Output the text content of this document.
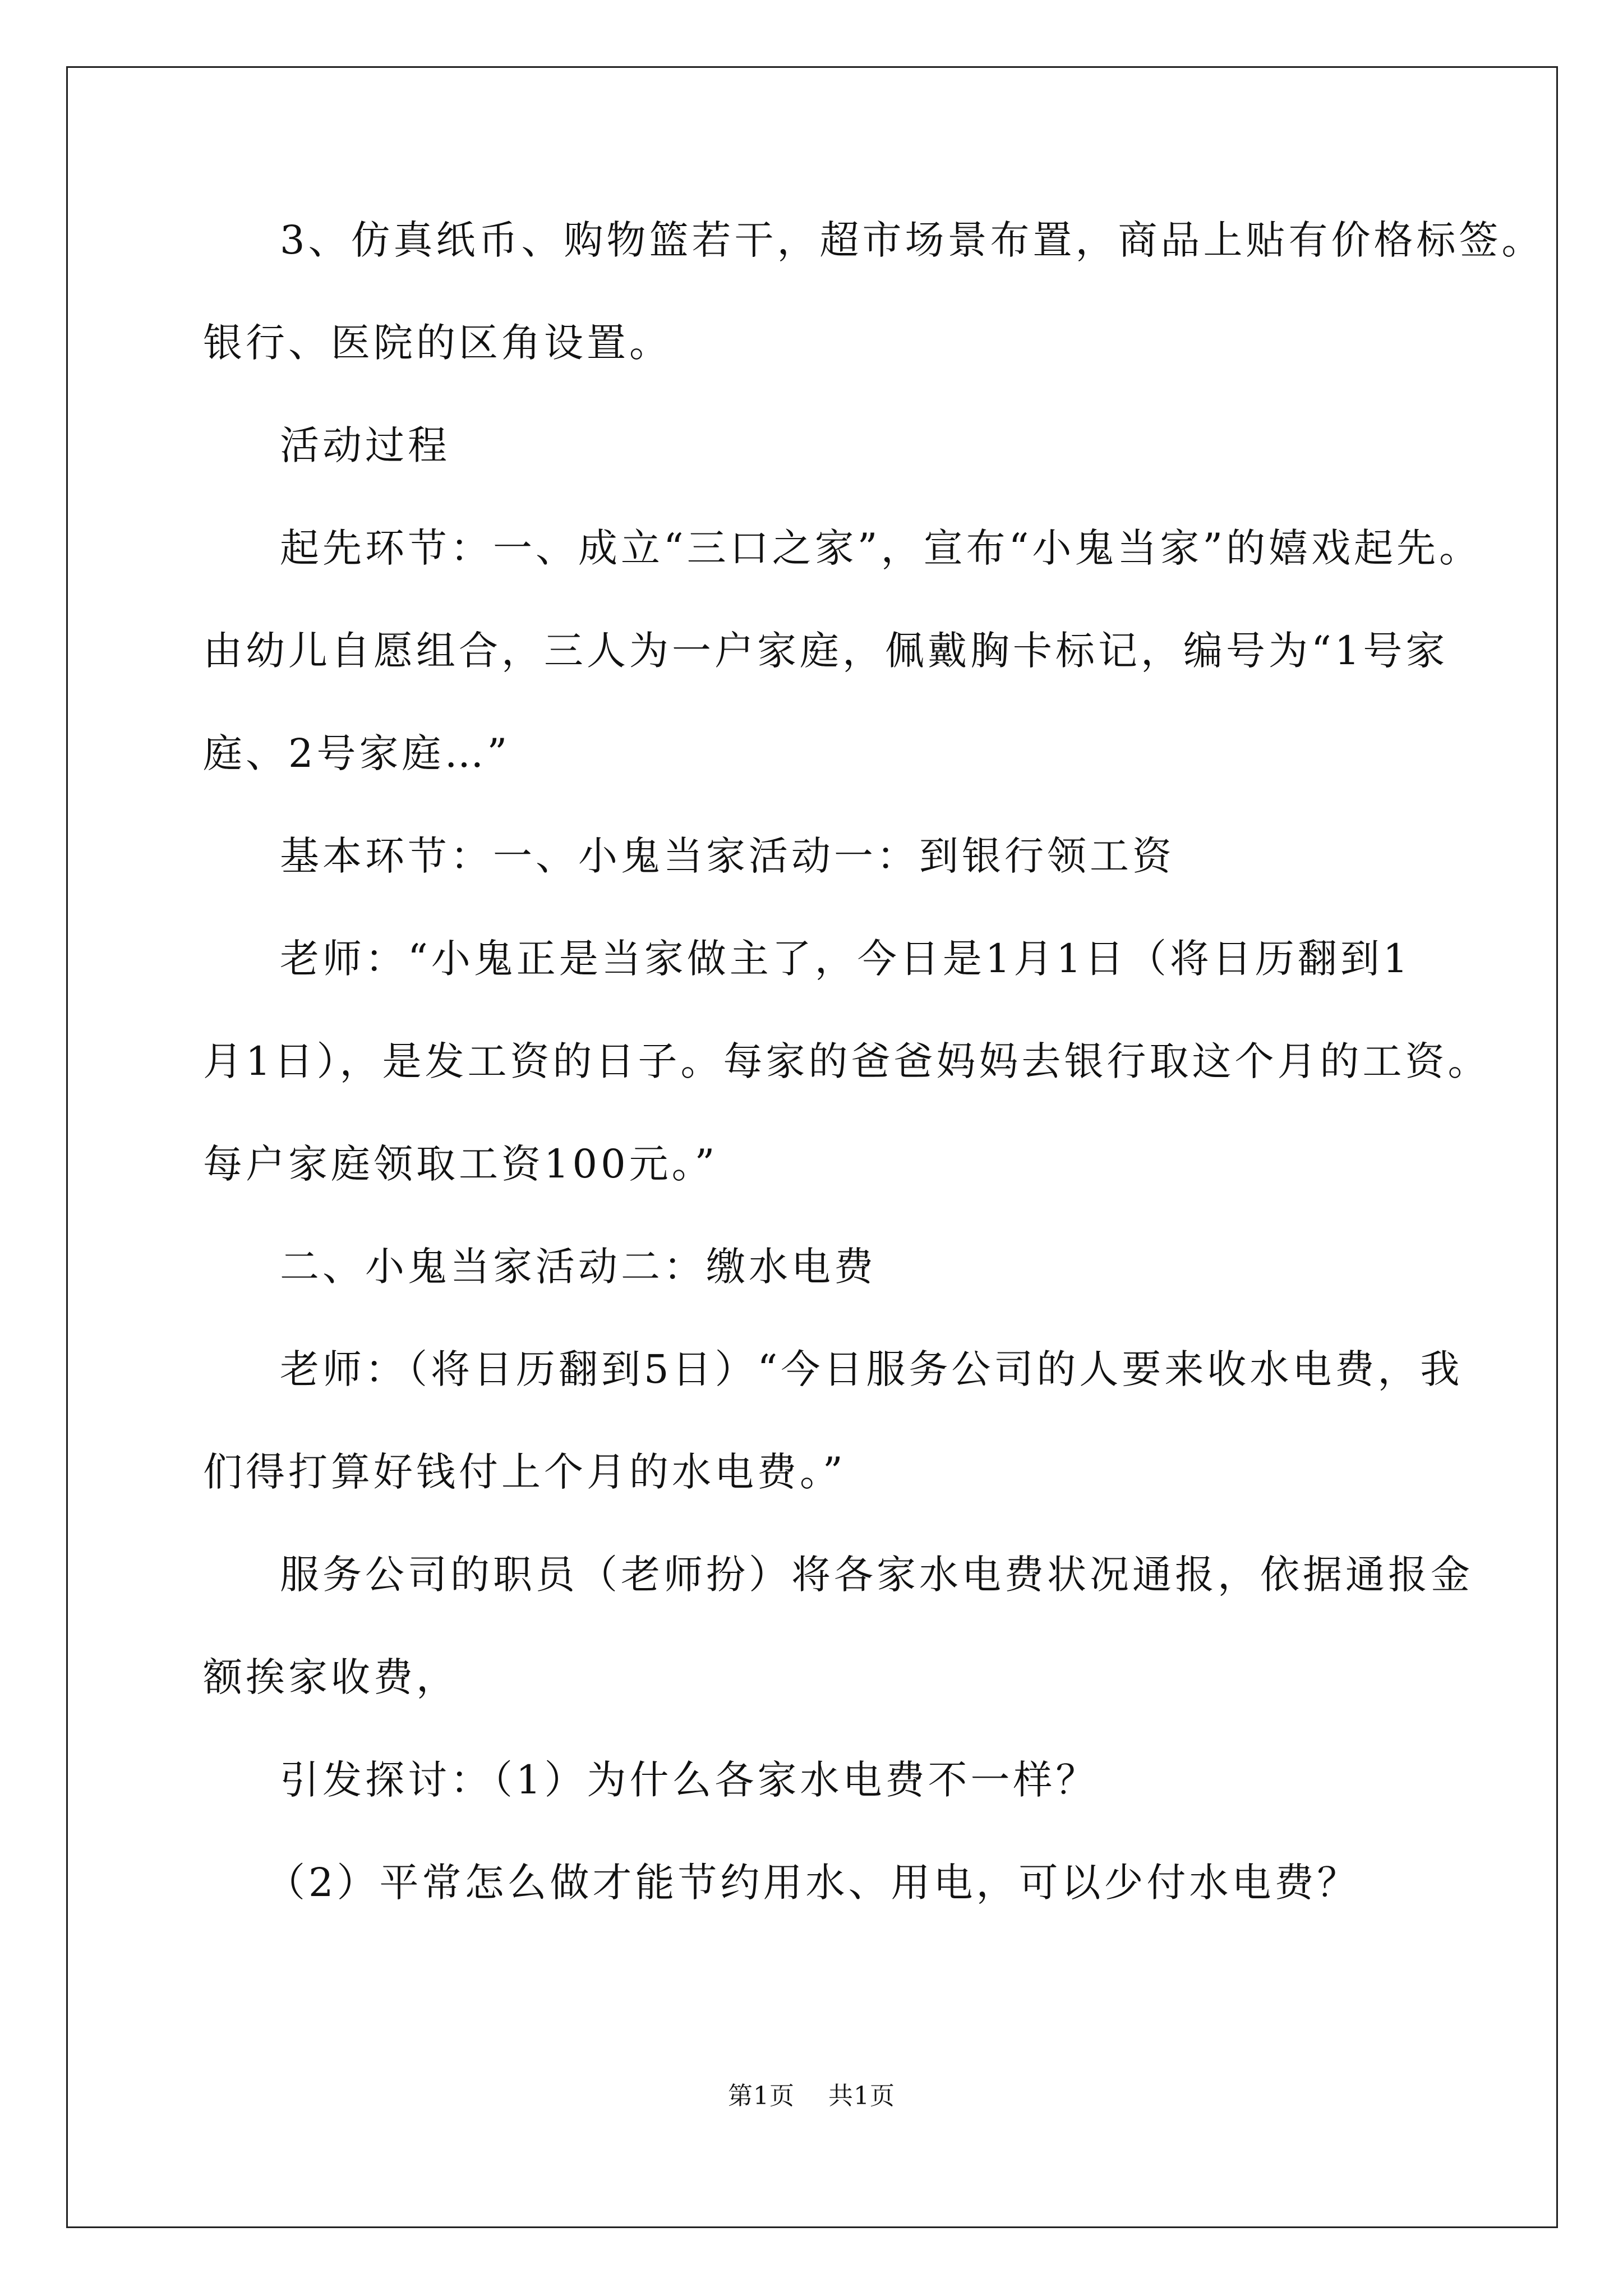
3、仿真纸币、购物篮若干，超市场景布置，商品上贴有价格标签。
银行、医院的区角设置。
活动过程
起先环节：一、成立“三口之家”，宣布“小鬼当家”的嬉戏起先。
由幼儿自愿组合，三人为一户家庭，佩戴胸卡标记，编号为“1号家
庭、2号家庭…”
基本环节：一、小鬼当家活动一：到银行领工资
老师：“小鬼正是当家做主了，今日是1月1日（将日历翻到1
月1日），是发工资的日子。每家的爸爸妈妈去银行取这个月的工资。
每户家庭领取工资100元。”
二、小鬼当家活动二：缴水电费
老师：（将日历翻到5日）“今日服务公司的人要来收水电费，我
们得打算好钱付上个月的水电费。”
服务公司的职员（老师扮）将各家水电费状况通报，依据通报金
额挨家收费，
引发探讨：（1）为什么各家水电费不一样？
（2）平常怎么做才能节约用水、用电，可以少付水电费？
第1页 共1页
